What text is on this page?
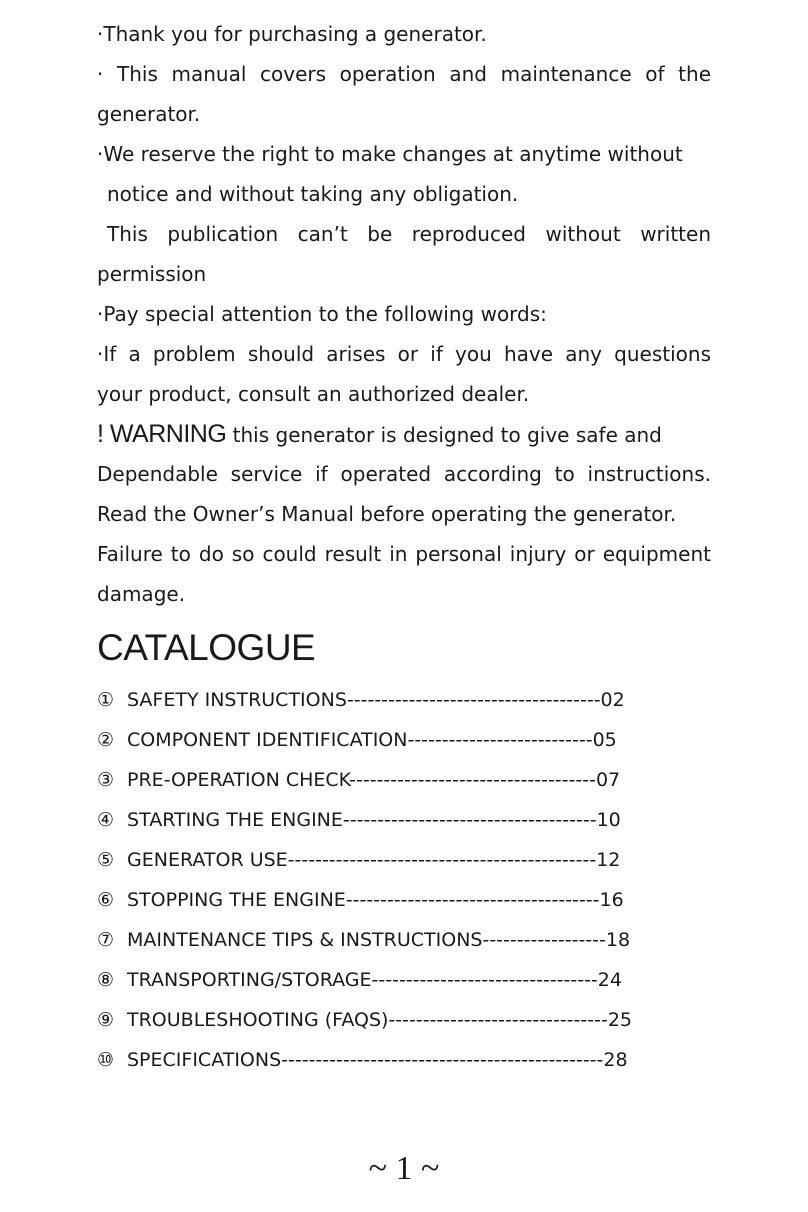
·Thank you for purchasing a generator.
· This manual covers operation and maintenance of the
generator.
·We reserve the right to make changes at anytime without
notice and without taking any obligation.
This publication can’t be reproduced without written
permission
·Pay special attention to the following words:
·If a problem should arises or if you have any questions
your product, consult an authorized dealer.
! WARNING this generator is designed to give safe and
Dependable service if operated according to instructions.
Read the Owner’s Manual before operating the generator.
Failure to do so could result in personal injury or equipment
damage.
CATALOGUE
① SAFETY INSTRUCTIONS-------------------------------------02
② COMPONENT IDENTIFICATION---------------------------05
③ PRE-OPERATION CHECK------------------------------------07
④ STARTING THE ENGINE-------------------------------------10
⑤ GENERATOR USE---------------------------------------------12
⑥ STOPPING THE ENGINE-------------------------------------16
⑦ MAINTENANCE TIPS & INSTRUCTIONS------------------18
⑧ TRANSPORTING/STORAGE---------------------------------24
⑨ TROUBLESHOOTING (FAQS)--------------------------------25
⑩ SPECIFICATIONS-----------------------------------------------28
~ 1 ~
